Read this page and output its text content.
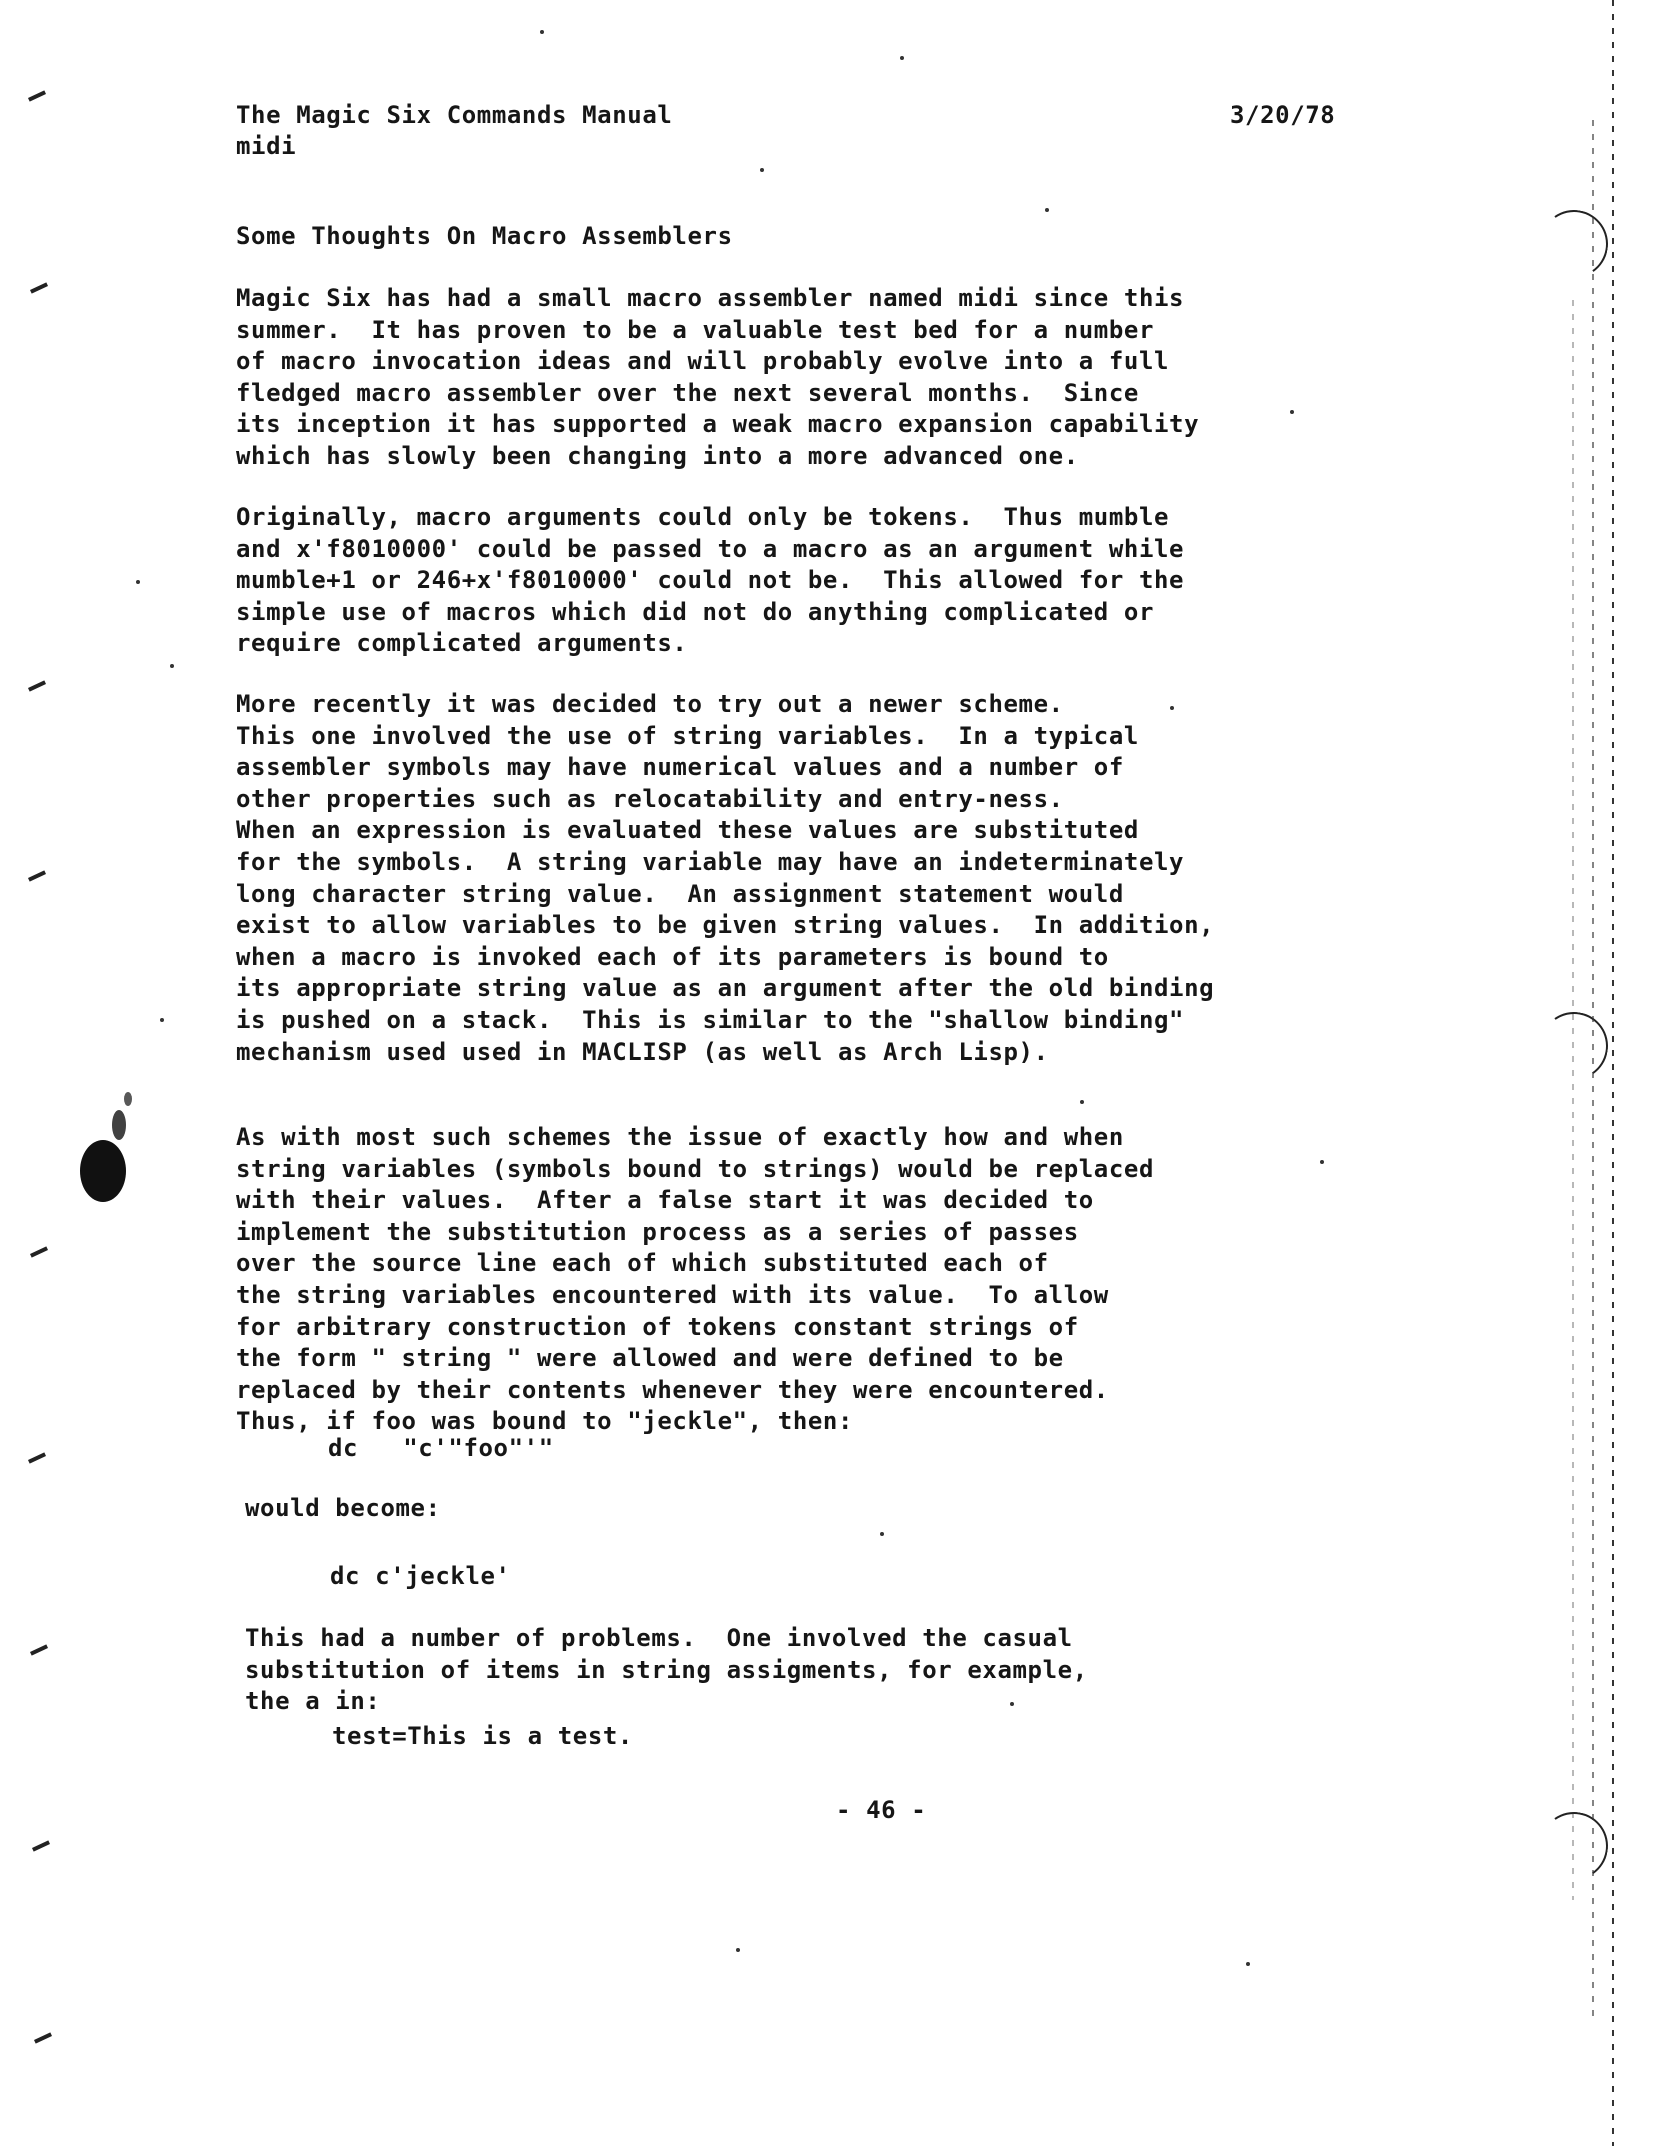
The Magic Six Commands Manual	3/20/78
midi
Some Thoughts On Macro Assemblers
Magic Six has had a small macro assembler named midi since this
summer.  It has proven to be a valuable test bed for a number
of macro invocation ideas and will probably evolve into a full
fledged macro assembler over the next several months.  Since
its inception it has supported a weak macro expansion capability
which has slowly been changing into a more advanced one.
Originally, macro arguments could only be tokens.  Thus mumble
and x'f8010000' could be passed to a macro as an argument while
mumble+1 or 246+x'f8010000' could not be.  This allowed for the
simple use of macros which did not do anything complicated or
require complicated arguments.
More recently it was decided to try out a newer scheme.
This one involved the use of string variables.  In a typical
assembler symbols may have numerical values and a number of
other properties such as relocatability and entry-ness.
When an expression is evaluated these values are substituted
for the symbols.  A string variable may have an indeterminately
long character string value.  An assignment statement would
exist to allow variables to be given string values.  In addition,
when a macro is invoked each of its parameters is bound to
its appropriate string value as an argument after the old binding
is pushed on a stack.  This is similar to the "shallow binding"
mechanism used used in MACLISP (as well as Arch Lisp).
As with most such schemes the issue of exactly how and when
string variables (symbols bound to strings) would be replaced
with their values.  After a false start it was decided to
implement the substitution process as a series of passes
over the source line each of which substituted each of
the string variables encountered with its value.  To allow
for arbitrary construction of tokens constant strings of
the form " string " were allowed and were defined to be
replaced by their contents whenever they were encountered.
Thus, if foo was bound to "jeckle", then:
dc   "c'"foo"'"
would become:
dc c'jeckle'
This had a number of problems.  One involved the casual
substitution of items in string assigments, for example,
the a in:
test=This is a test.
- 46 -
